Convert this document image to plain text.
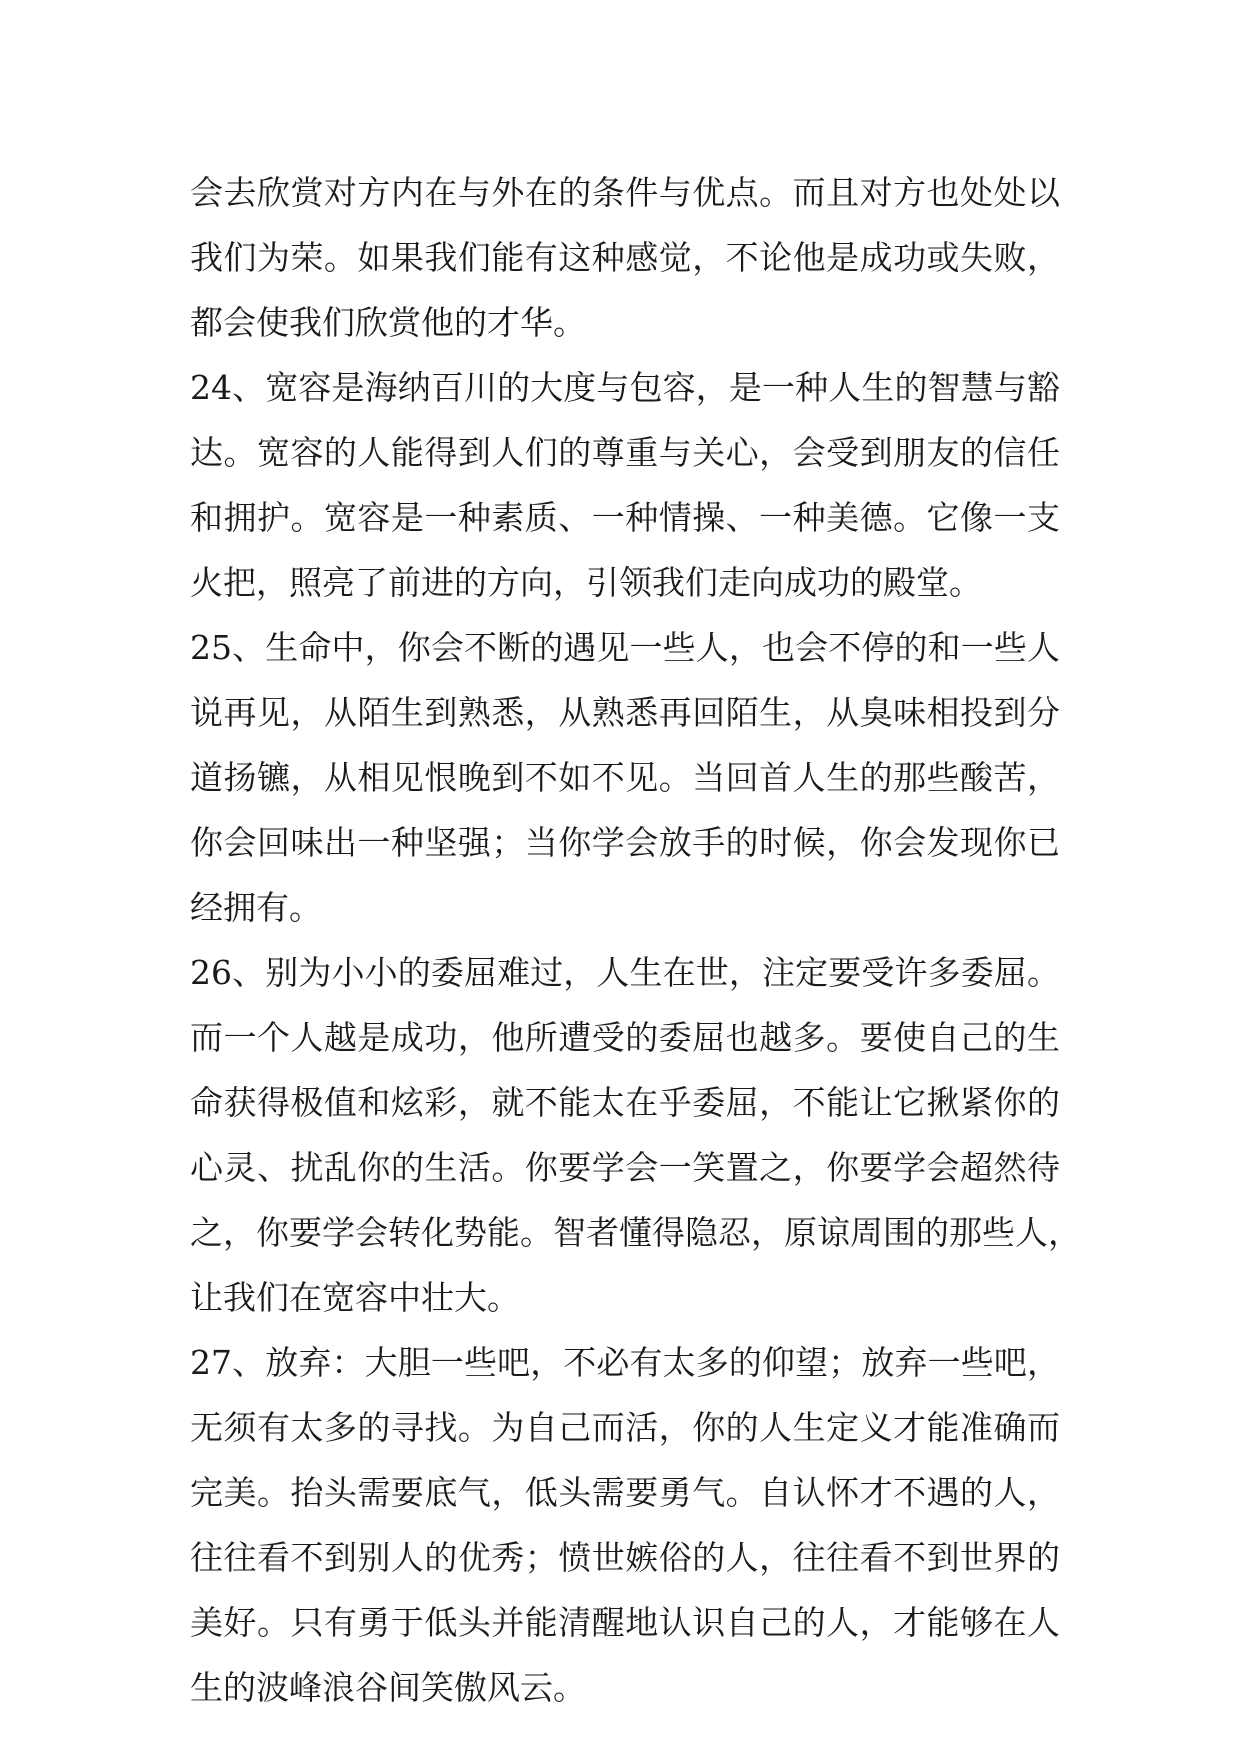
会去欣赏对方内在与外在的条件与优点。而且对方也处处以
我们为荣。如果我们能有这种感觉，不论他是成功或失败，
都会使我们欣赏他的才华。
24、宽容是海纳百川的大度与包容，是一种人生的智慧与豁
达。宽容的人能得到人们的尊重与关心，会受到朋友的信任
和拥护。宽容是一种素质、一种情操、一种美德。它像一支
火把，照亮了前进的方向，引领我们走向成功的殿堂。
25、生命中，你会不断的遇见一些人，也会不停的和一些人
说再见，从陌生到熟悉，从熟悉再回陌生，从臭味相投到分
道扬镳，从相见恨晚到不如不见。当回首人生的那些酸苦，
你会回味出一种坚强；当你学会放手的时候，你会发现你已
经拥有。
26、别为小小的委屈难过，人生在世，注定要受许多委屈。
而一个人越是成功，他所遭受的委屈也越多。要使自己的生
命获得极值和炫彩，就不能太在乎委屈，不能让它揪紧你的
心灵、扰乱你的生活。你要学会一笑置之，你要学会超然待
之，你要学会转化势能。智者懂得隐忍，原谅周围的那些人，
让我们在宽容中壮大。
27、放弃：大胆一些吧，不必有太多的仰望；放弃一些吧，
无须有太多的寻找。为自己而活，你的人生定义才能准确而
完美。抬头需要底气，低头需要勇气。自认怀才不遇的人，
往往看不到别人的优秀；愤世嫉俗的人，往往看不到世界的
美好。只有勇于低头并能清醒地认识自己的人，才能够在人
生的波峰浪谷间笑傲风云。
